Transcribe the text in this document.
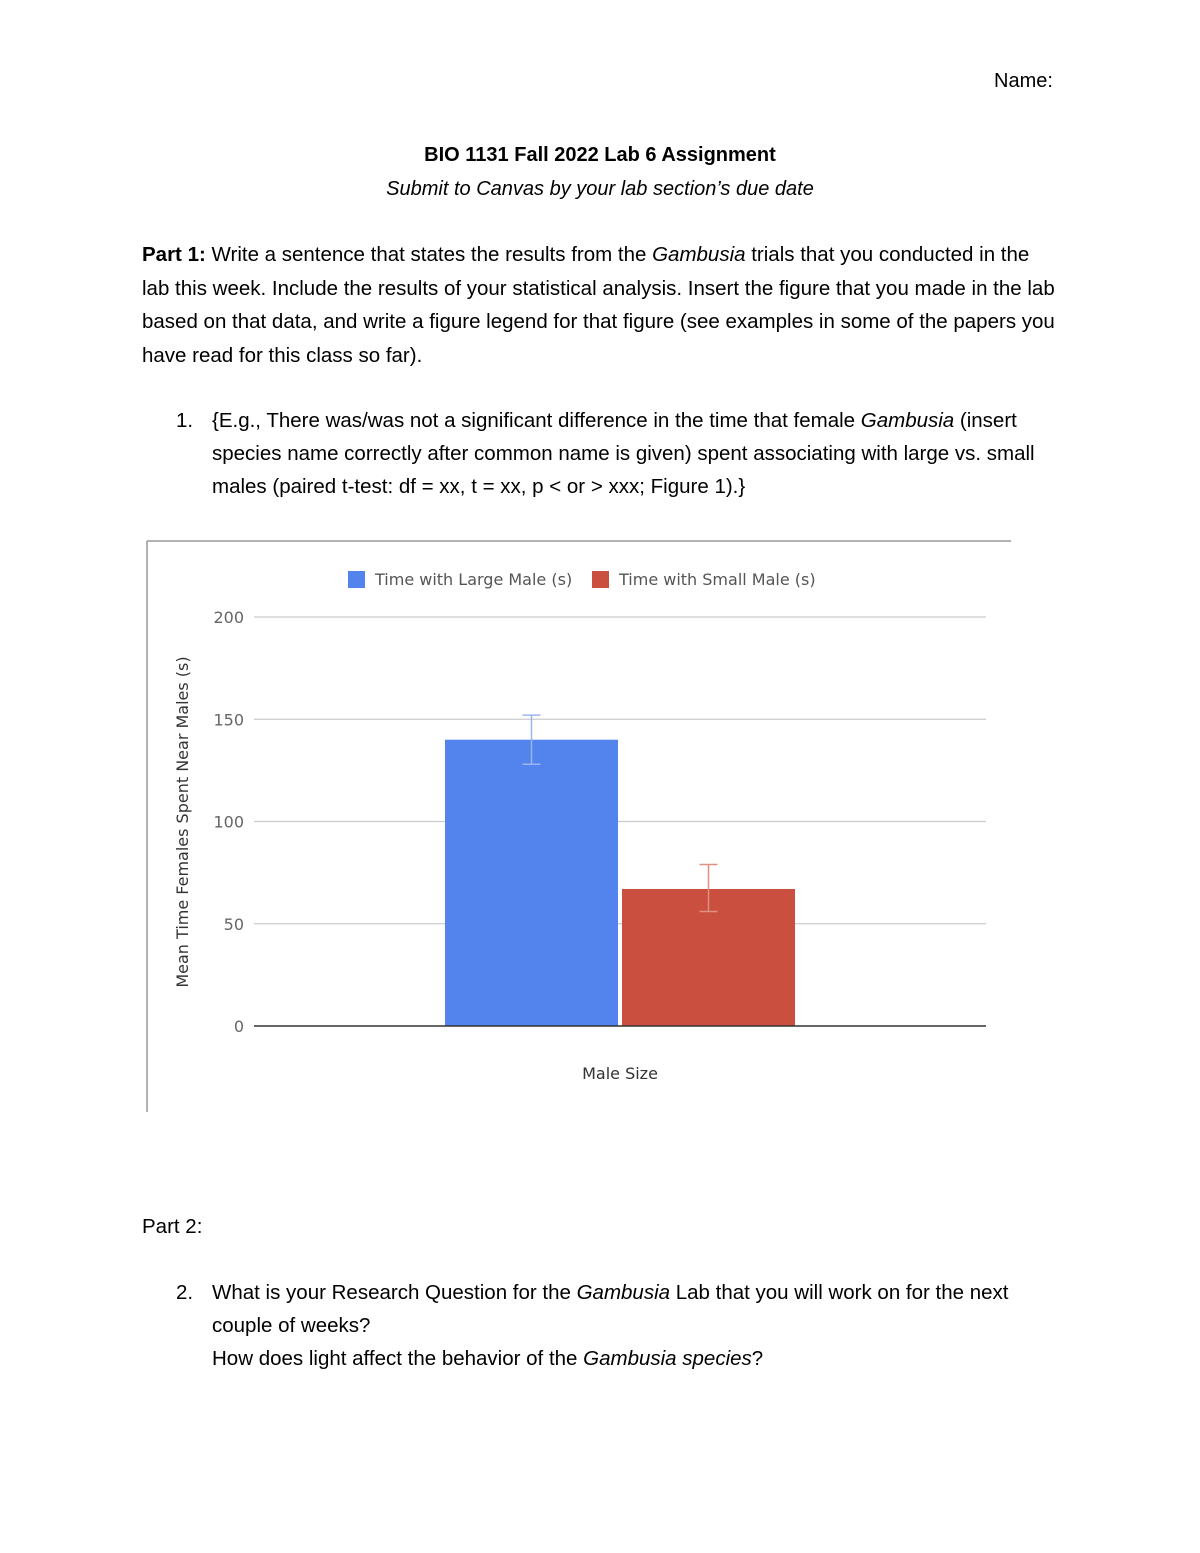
Name:
BIO 1131 Fall 2022 Lab 6 Assignment
Submit to Canvas by your lab section’s due date
Part 1: Write a sentence that states the results from the Gambusia trials that you conducted in the lab this week. Include the results of your statistical analysis. Insert the figure that you made in the lab based on that data, and write a figure legend for that figure (see examples in some of the papers you have read for this class so far).
1. {E.g., There was/was not a significant difference in the time that female Gambusia (insert species name correctly after common name is given) spent associating with large vs. small males (paired t-test: df = xx, t = xx, p < or > xxx; Figure 1).}
0
50
100
150
200
Time with Large Male (s)	Time with Small Male (s)
Male Size
Mean Time Females Spent Near Males (s)
Part 2:
2. What is your Research Question for the Gambusia Lab that you will work on for the next couple of weeks?
How does light affect the behavior of the Gambusia species?
